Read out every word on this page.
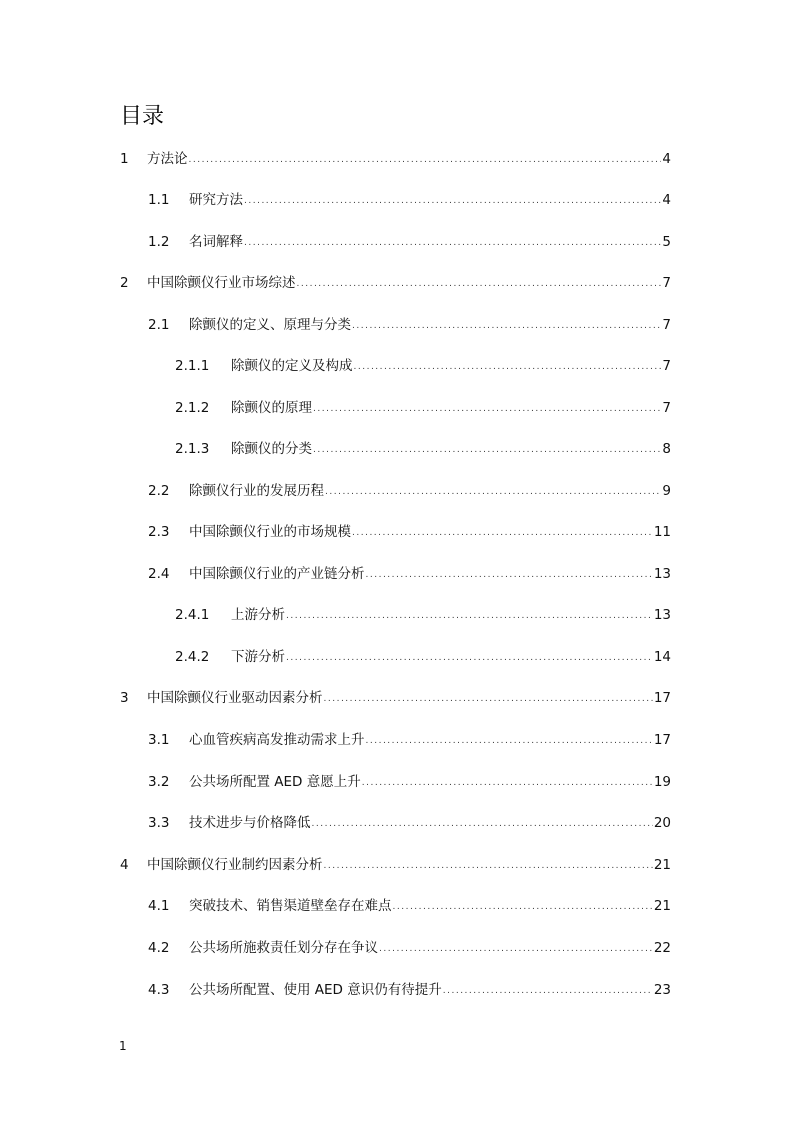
目录
1	方法论 .....	4
1.1	研究方法 .....	4
1.2	名词解释 .....	5
2	中国除颤仪行业市场综述 .....	7
2.1	除颤仪的定义、原理与分类 .....	7
2.1.1	除颤仪的定义及构成 .....	7
2.1.2	除颤仪的原理 .....	7
2.1.3	除颤仪的分类 .....	8
2.2	除颤仪行业的发展历程 .....	9
2.3	中国除颤仪行业的市场规模 .....	11
2.4	中国除颤仪行业的产业链分析 .....	13
2.4.1	上游分析 .....	13
2.4.2	下游分析 .....	14
3	中国除颤仪行业驱动因素分析 .....	17
3.1	心血管疾病高发推动需求上升 .....	17
3.2	公共场所配置 AED 意愿上升 .....	19
3.3	技术进步与价格降低 .....	20
4	中国除颤仪行业制约因素分析 .....	21
4.1	突破技术、销售渠道壁垒存在难点 .....	21
4.2	公共场所施救责任划分存在争议 .....	22
4.3	公共场所配置、使用 AED 意识仍有待提升 .....	23
1
